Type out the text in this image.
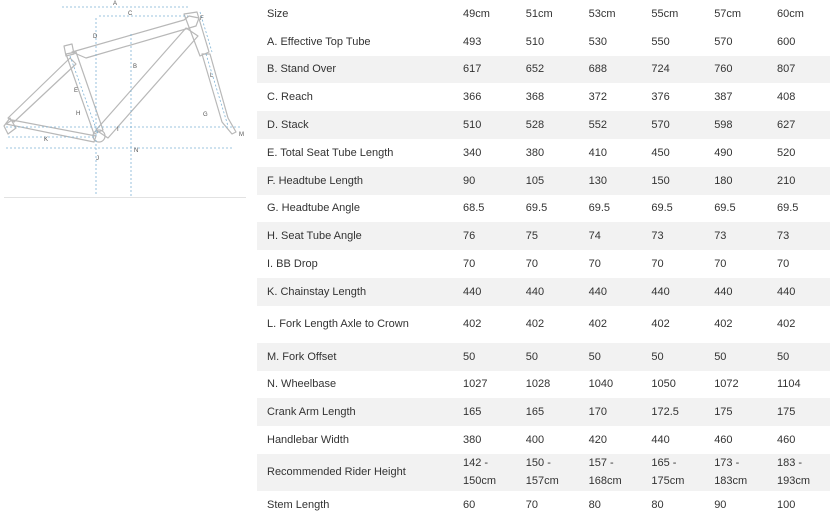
A
B
C
D
E
F
G
H
I
J
K
L
M
N
Size	49cm	51cm	53cm	55cm	57cm	60cm
A. Effective Top Tube	493	510	530	550	570	600
B. Stand Over	617	652	688	724	760	807
C. Reach	366	368	372	376	387	408
D. Stack	510	528	552	570	598	627
E. Total Seat Tube Length	340	380	410	450	490	520
F. Headtube Length	90	105	130	150	180	210
G. Headtube Angle	68.5	69.5	69.5	69.5	69.5	69.5
H. Seat Tube Angle	76	75	74	73	73	73
I. BB Drop	70	70	70	70	70	70
K. Chainstay Length	440	440	440	440	440	440
L. Fork Length Axle to Crown	402	402	402	402	402	402
M. Fork Offset	50	50	50	50	50	50
N. Wheelbase	1027	1028	1040	1050	1072	1104
Crank Arm Length	165	165	170	172.5	175	175
Handlebar Width	380	400	420	440	460	460
Recommended Rider Height	142 - 150cm	150 - 157cm	157 - 168cm	165 - 175cm	173 - 183cm	183 - 193cm
Stem Length	60	70	80	80	90	100
